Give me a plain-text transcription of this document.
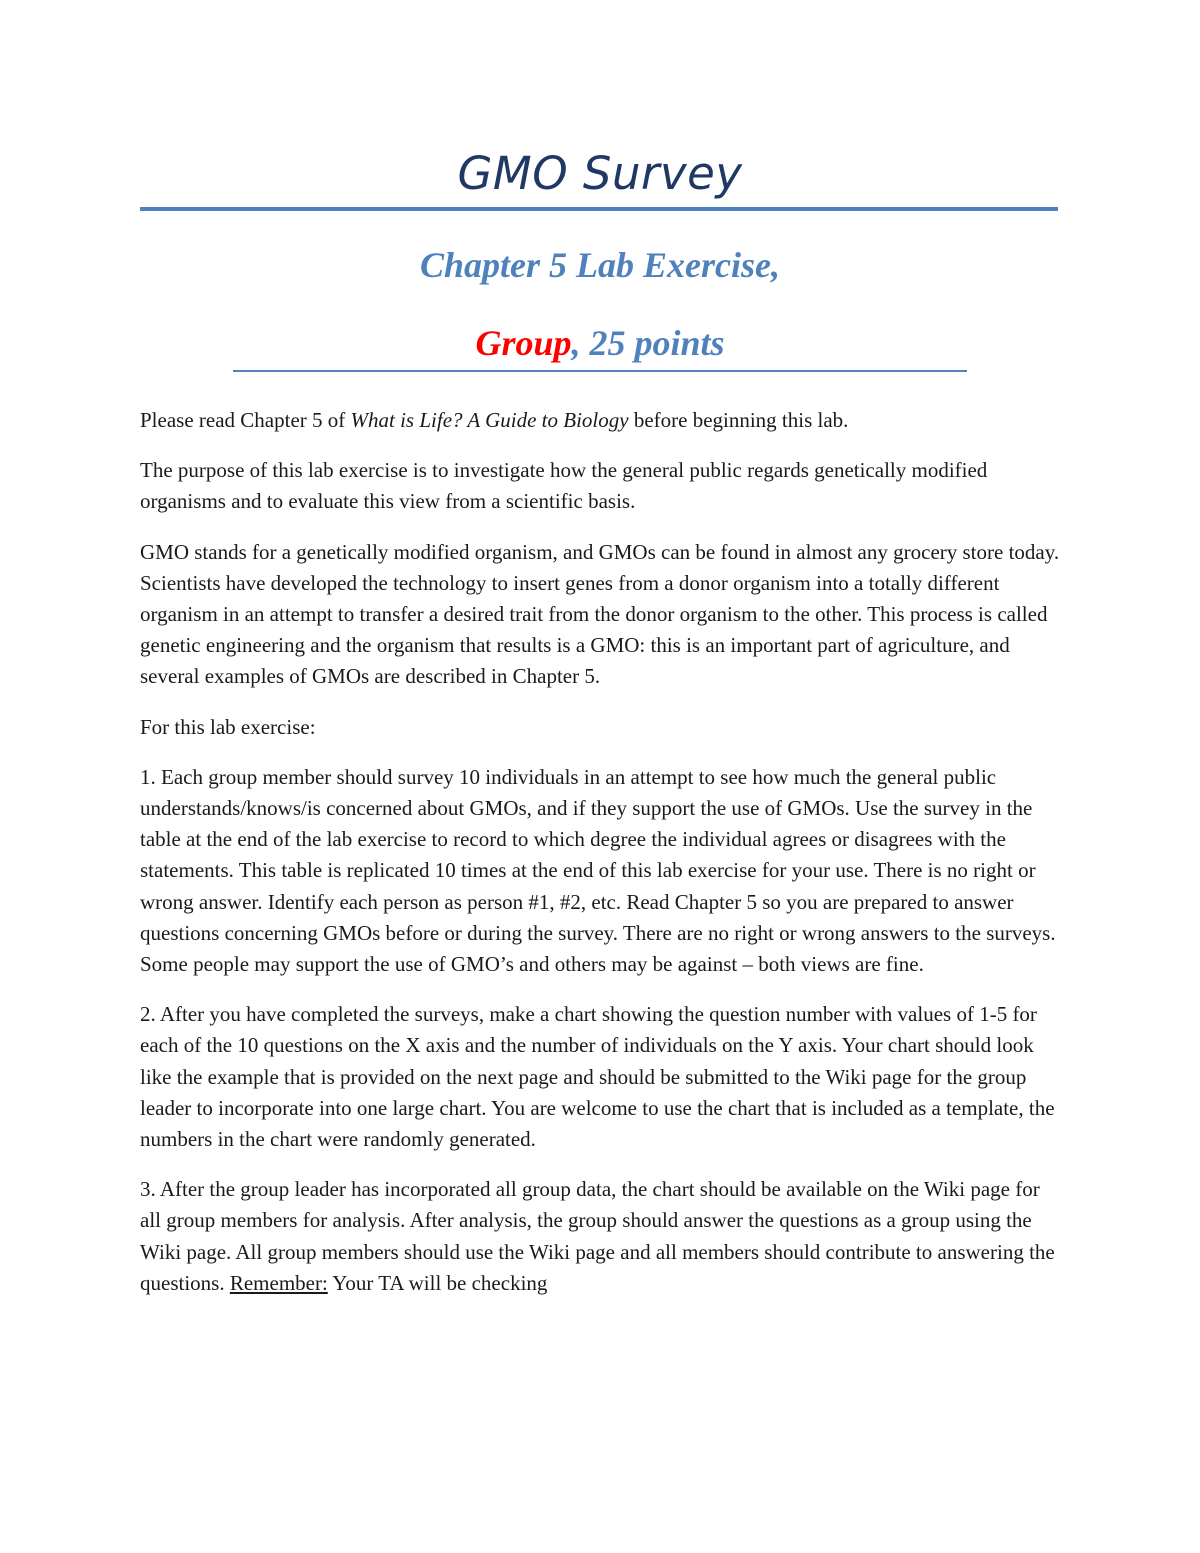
GMO Survey
Chapter 5 Lab Exercise,
Group, 25 points

Please read Chapter 5 of What is Life? A Guide to Biology before beginning this lab.

The purpose of this lab exercise is to investigate how the general public regards genetically modified organisms and to evaluate this view from a scientific basis.

GMO stands for a genetically modified organism, and GMOs can be found in almost any grocery store today. Scientists have developed the technology to insert genes from a donor organism into a totally different organism in an attempt to transfer a desired trait from the donor organism to the other. This process is called genetic engineering and the organism that results is a GMO: this is an important part of agriculture, and several examples of GMOs are described in Chapter 5.

For this lab exercise:

1. Each group member should survey 10 individuals in an attempt to see how much the general public understands/knows/is concerned about GMOs, and if they support the use of GMOs. Use the survey in the table at the end of the lab exercise to record to which degree the individual agrees or disagrees with the statements. This table is replicated 10 times at the end of this lab exercise for your use. There is no right or wrong answer. Identify each person as person #1, #2, etc. Read Chapter 5 so you are prepared to answer questions concerning GMOs before or during the survey. There are no right or wrong answers to the surveys. Some people may support the use of GMO’s and others may be against – both views are fine.

2. After you have completed the surveys, make a chart showing the question number with values of 1-5 for each of the 10 questions on the X axis and the number of individuals on the Y axis. Your chart should look like the example that is provided on the next page and should be submitted to the Wiki page for the group leader to incorporate into one large chart. You are welcome to use the chart that is included as a template, the numbers in the chart were randomly generated.

3. After the group leader has incorporated all group data, the chart should be available on the Wiki page for all group members for analysis. After analysis, the group should answer the questions as a group using the Wiki page. All group members should use the Wiki page and all members should contribute to answering the questions. Remember: Your TA will be checking
